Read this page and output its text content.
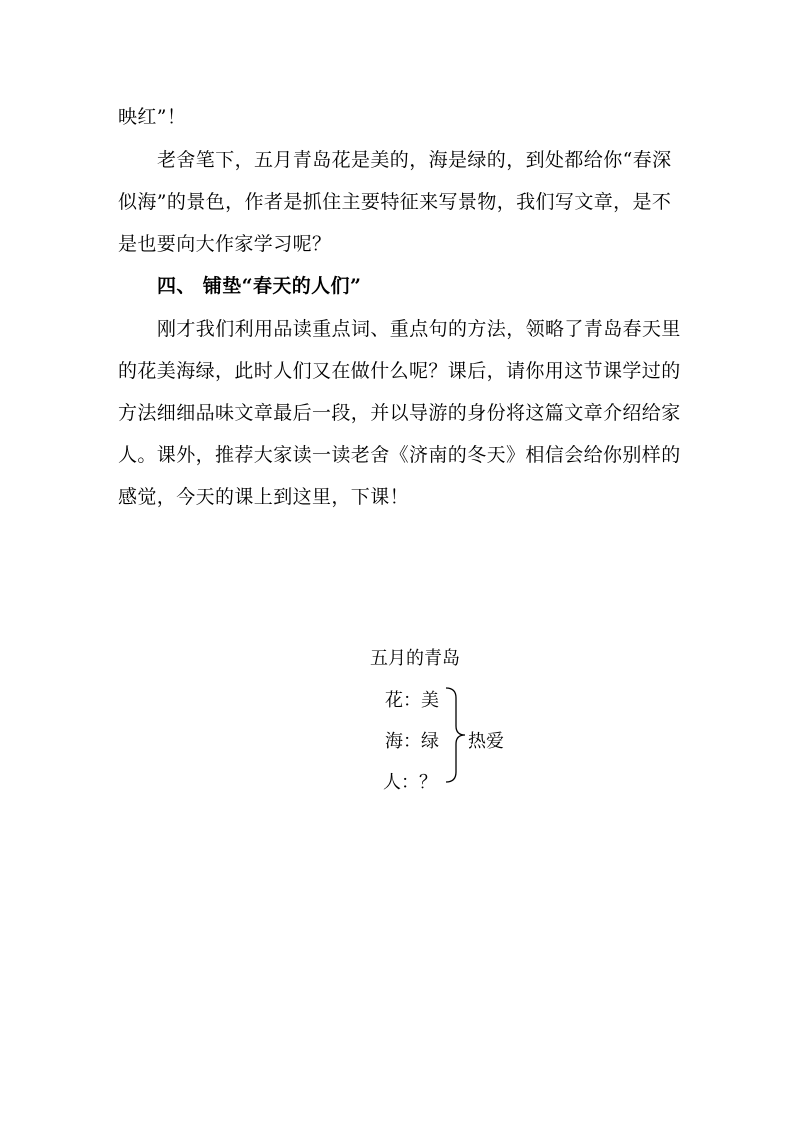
映红”！
老舍笔下，五月青岛花是美的，海是绿的，到处都给你“春深
似海”的景色，作者是抓住主要特征来写景物，我们写文章，是不
是也要向大作家学习呢？
四、 铺垫“春天的人们”
刚才我们利用品读重点词、重点句的方法，领略了青岛春天里
的花美海绿，此时人们又在做什么呢？课后，请你用这节课学过的
方法细细品味文章最后一段，并以导游的身份将这篇文章介绍给家
人。课外，推荐大家读一读老舍《济南的冬天》相信会给你别样的
感觉，今天的课上到这里，下课！
五月的青岛
花：美
海：绿
人：？
热爱
